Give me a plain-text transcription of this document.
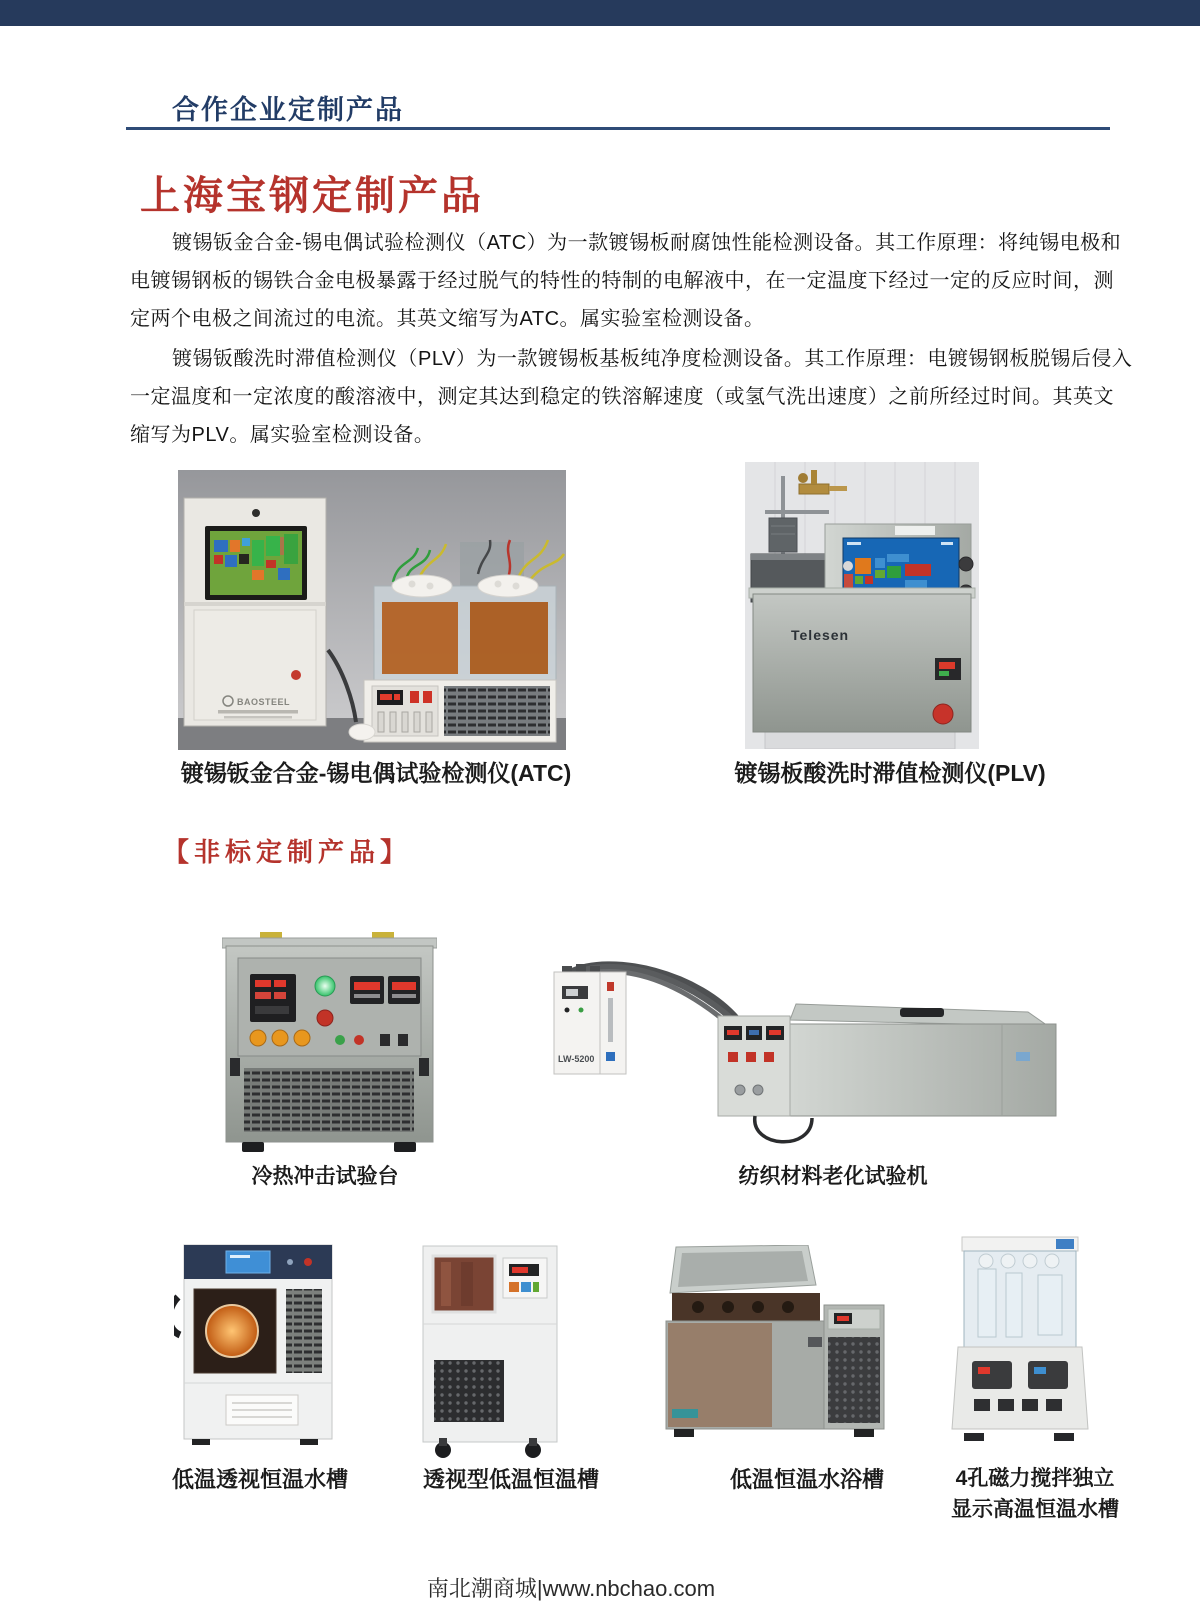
合作企业定制产品
上海宝钢定制产品
镀锡钣金合金-锡电偶试验检测仪（ATC）为一款镀锡板耐腐蚀性能检测设备。其工作原理：将纯锡电极和
电镀锡钢板的锡铁合金电极暴露于经过脱气的特性的特制的电解液中，在一定温度下经过一定的反应时间，测
定两个电极之间流过的电流。其英文缩写为ATC。属实验室检测设备。
镀锡钣酸洗时滞值检测仪（PLV）为一款镀锡板基板纯净度检测设备。其工作原理：电镀锡钢板脱锡后侵入
一定温度和一定浓度的酸溶液中，测定其达到稳定的铁溶解速度（或氢气洗出速度）之前所经过时间。其英文
缩写为PLV。属实验室检测设备。
BAOSTEEL
Telesen
镀锡钣金合金-锡电偶试验检测仪(ATC)	镀锡板酸洗时滞值检测仪(PLV)
【非标定制产品】
LW-5200
冷热冲击试验台	纺织材料老化试验机
低温透视恒温水槽	透视型低温恒温槽	低温恒温水浴槽	4孔磁力搅拌独立
显示高温恒温水槽
南北潮商城|www.nbchao.com
